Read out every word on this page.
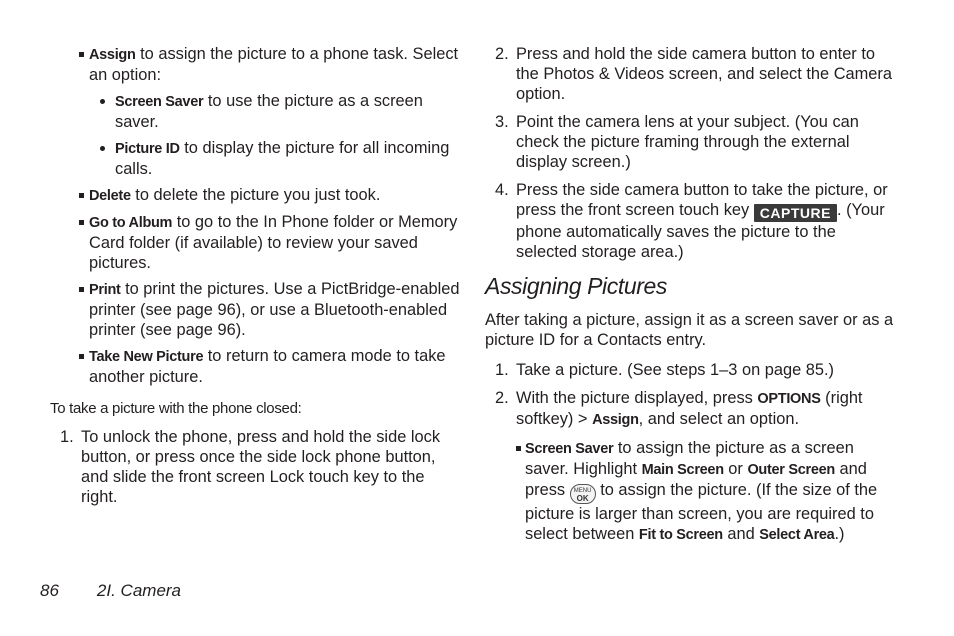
Assign to assign the picture to a phone task. Select an option:
Screen Saver to use the picture as a screen saver.
Picture ID to display the picture for all incoming calls.
Delete to delete the picture you just took.
Go to Album to go to the In Phone folder or Memory Card folder (if available) to review your saved pictures.
Print to print the pictures. Use a PictBridge-enabled printer (see page 96), or use a Bluetooth-enabled printer (see page 96).
Take New Picture to return to camera mode to take another picture.
To take a picture with the phone closed:
1. To unlock the phone, press and hold the side lock button, or press once the side lock phone button, and slide the front screen Lock touch key to the right.
2. Press and hold the side camera button to enter to the Photos & Videos screen, and select the Camera option.
3. Point the camera lens at your subject. (You can check the picture framing through the external display screen.)
4. Press the side camera button to take the picture, or press the front screen touch key CAPTURE . (Your phone automatically saves the picture to the selected storage area.)
Assigning Pictures
After taking a picture, assign it as a screen saver or as a picture ID for a Contacts entry.
1. Take a picture. (See steps 1–3 on page 85.)
2. With the picture displayed, press OPTIONS (right softkey) > Assign, and select an option.
Screen Saver to assign the picture as a screen saver. Highlight Main Screen or Outer Screen and press MENU
OK to assign the picture. (If the size of the picture is larger than screen, you are required to select between Fit to Screen and Select Area.)
86 2I. Camera
